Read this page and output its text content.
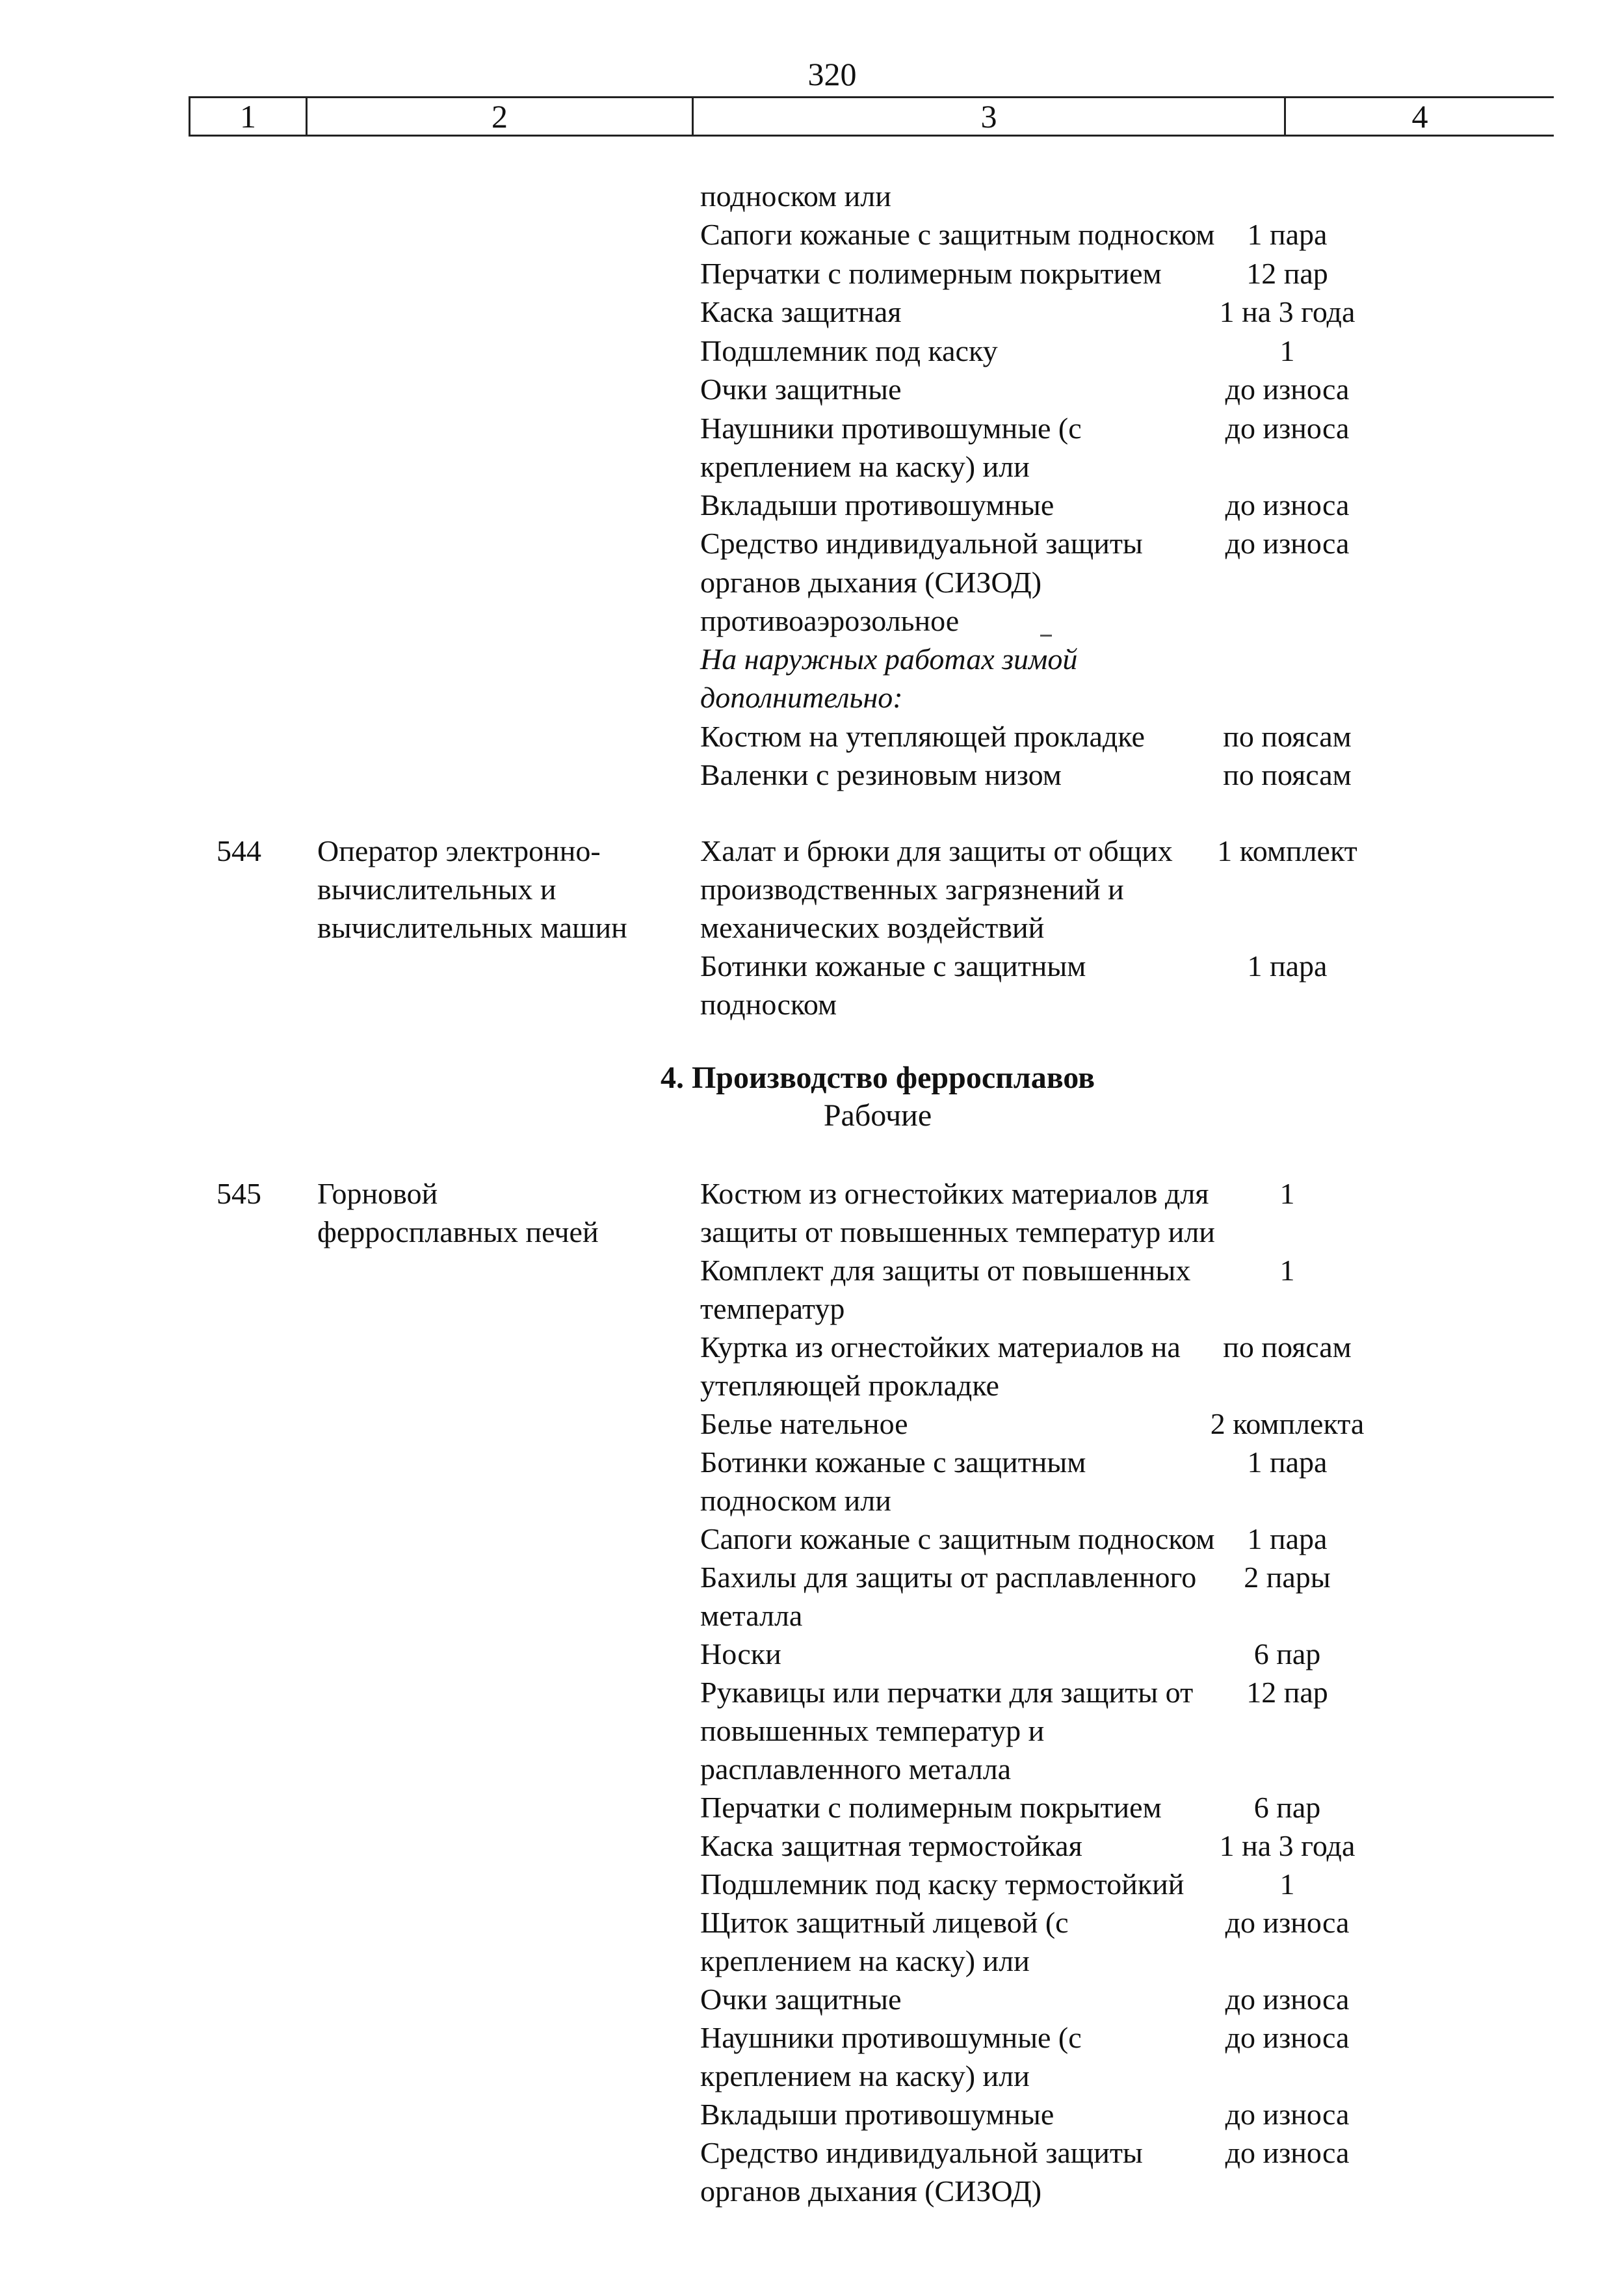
320
1	2	3	4
подноском или
Сапоги кожаные с защитным подноском	1 пара
Перчатки с полимерным покрытием	12 пар
Каска защитная	1 на 3 года
Подшлемник под каску	1
Очки защитные	до износа
Наушники противошумные (с	до износа
креплением на каску) или
Вкладыши противошумные	до износа
Средство индивидуальной защиты	до износа
органов дыхания (СИЗОД)
противоаэрозольное
На наружных работах зимой
дополнительно:
Костюм на утепляющей прокладке	по поясам
Валенки с резиновым низом	по поясам
544 Оператор электронно-
вычислительных и
вычислительных машин
Халат и брюки для защиты от общих	1 комплект
производственных загрязнений и
механических воздействий
Ботинки кожаные с защитным	1 пара
подноском
4. Производство ферросплавов
Рабочие
545 Горновой
ферросплавных печей
Костюм из огнестойких материалов для	1
защиты от повышенных температур или
Комплект для защиты от повышенных	1
температур
Куртка из огнестойких материалов на	по поясам
утепляющей прокладке
Белье нательное	2 комплекта
Ботинки кожаные с защитным	1 пара
подноском или
Сапоги кожаные с защитным подноском	1 пара
Бахилы для защиты от расплавленного	2 пары
металла
Носки	6 пар
Рукавицы или перчатки для защиты от	12 пар
повышенных температур и
расплавленного металла
Перчатки с полимерным покрытием	6 пар
Каска защитная термостойкая	1 на 3 года
Подшлемник под каску термостойкий	1
Щиток защитный лицевой (с	до износа
креплением на каску) или
Очки защитные	до износа
Наушники противошумные (с	до износа
креплением на каску) или
Вкладыши противошумные	до износа
Средство индивидуальной защиты	до износа
органов дыхания (СИЗОД)
